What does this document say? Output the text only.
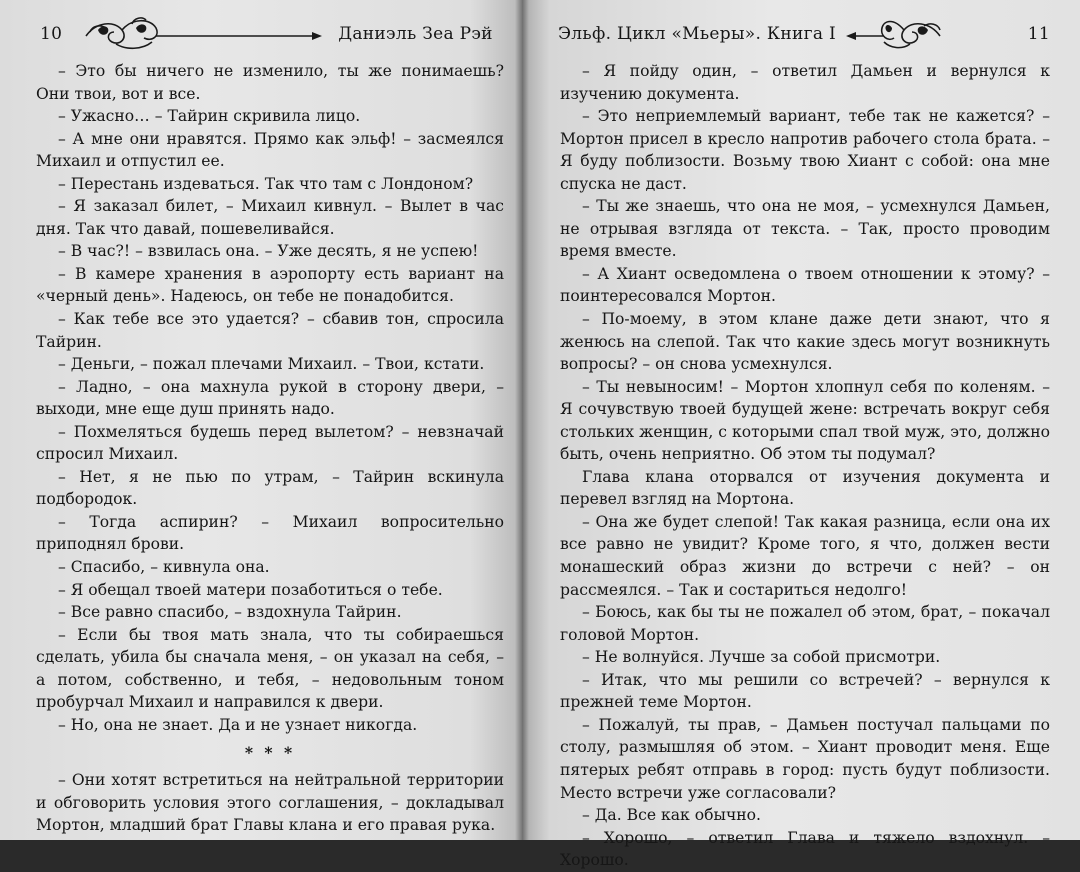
10	Даниэль Зеа Рэй

– Это бы ничего не изменило, ты же понимаешь? Они твои, вот и все.

– Ужасно… – Тайрин скривила лицо.

– А мне они нравятся. Прямо как эльф! – засмеялся Михаил и отпустил ее.

– Перестань издеваться. Так что там с Лондоном?

– Я заказал билет, – Михаил кивнул. – Вылет в час дня. Так что давай, пошевеливайся.

– В час?! – взвилась она. – Уже десять, я не успею!

– В камере хранения в аэропорту есть вариант на «черный день». Надеюсь, он тебе не понадобится.

– Как тебе все это удается? – сбавив тон, спросила Тайрин.

– Деньги, – пожал плечами Михаил. – Твои, кстати.

– Ладно, – она махнула рукой в сторону двери, – выходи, мне еще душ принять надо.

– Похмеляться будешь перед вылетом? – невзначай спросил Михаил.

– Нет, я не пью по утрам, – Тайрин вскинула подбородок.

– Тогда аспирин? – Михаил вопросительно приподнял брови.

– Спасибо, – кивнула она.

– Я обещал твоей матери позаботиться о тебе.

– Все равно спасибо, – вздохнула Тайрин.

– Если бы твоя мать знала, что ты собираешься сделать, убила бы сначала меня, – он указал на себя, – а потом, собственно, и тебя, – недовольным тоном пробурчал Михаил и направился к двери.

– Но, она не знает. Да и не узнает никогда.

* * *

– Они хотят встретиться на нейтральной территории и обговорить условия этого соглашения, – докладывал Мортон, младший брат Главы клана и его правая рука.

Эльф. Цикл «Мьеры». Книга I	11

– Я пойду один, – ответил Дамьен и вернулся к изучению документа.

– Это неприемлемый вариант, тебе так не кажется? – Мортон присел в кресло напротив рабочего стола брата. – Я буду поблизости. Возьму твою Хиант с собой: она мне спуска не даст.

– Ты же знаешь, что она не моя, – усмехнулся Дамьен, не отрывая взгляда от текста. – Так, просто проводим время вместе.

– А Хиант осведомлена о твоем отношении к этому? – поинтересовался Мортон.

– По-моему, в этом клане даже дети знают, что я женюсь на слепой. Так что какие здесь могут возникнуть вопросы? – он снова усмехнулся.

– Ты невыносим! – Мортон хлопнул себя по коленям. – Я сочувствую твоей будущей жене: встречать вокруг себя стольких женщин, с которыми спал твой муж, это, должно быть, очень неприятно. Об этом ты подумал?

Глава клана оторвался от изучения документа и перевел взгляд на Мортона.

– Она же будет слепой! Так какая разница, если она их все равно не увидит? Кроме того, я что, должен вести монашеский образ жизни до встречи с ней? – он рассмеялся. – Так и состариться недолго!

– Боюсь, как бы ты не пожалел об этом, брат, – покачал головой Мортон.

– Не волнуйся. Лучше за собой присмотри.

– Итак, что мы решили со встречей? – вернулся к прежней теме Мортон.

– Пожалуй, ты прав, – Дамьен постучал пальцами по столу, размышляя об этом. – Хиант проводит меня. Еще пятерых ребят отправь в город: пусть будут поблизости. Место встречи уже согласовали?

– Да. Все как обычно.

– Хорошо, – ответил Глава и тяжело вздохнул. – Хорошо.
